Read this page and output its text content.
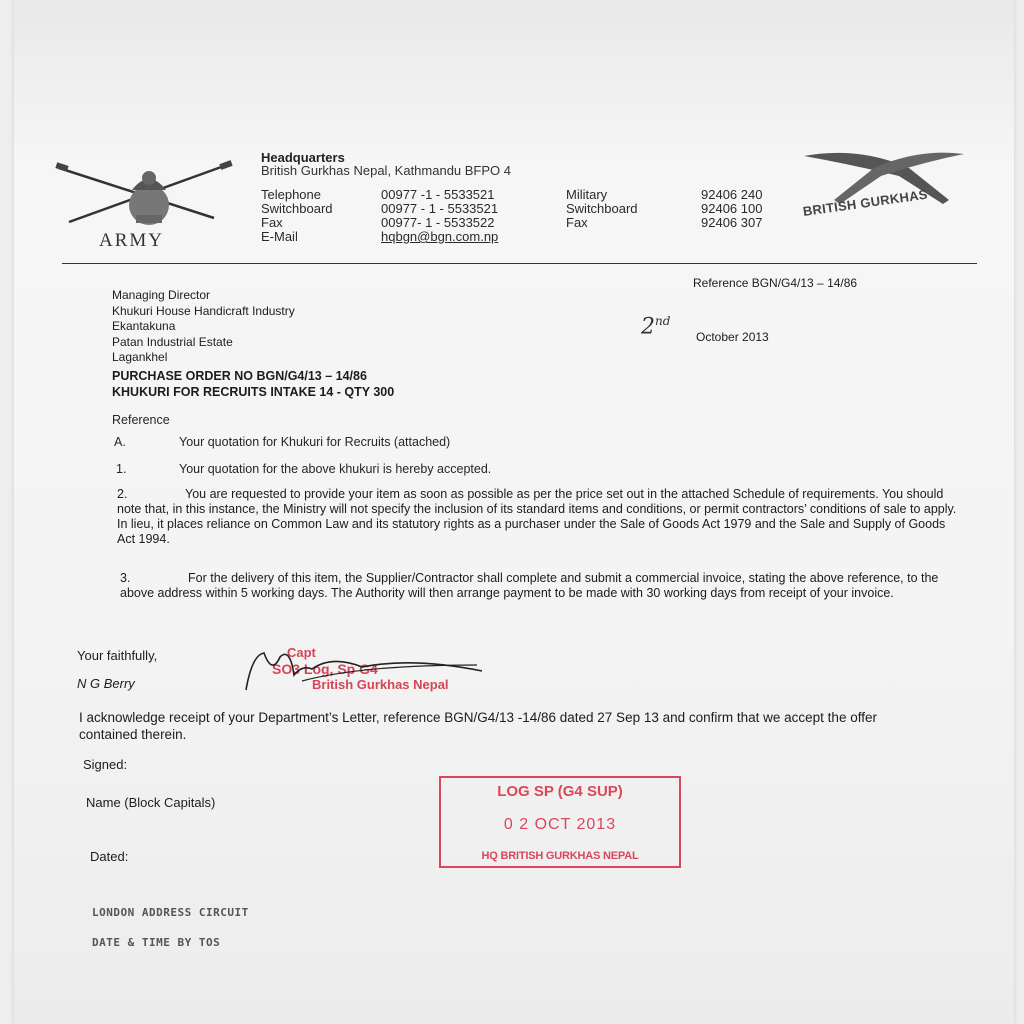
ARMY
Headquarters
British Gurkhas Nepal, Kathmandu BFPO 4
Telephone	00977 -1 - 5533521	Military	92406 240
Switchboard	00977 - 1 - 5533521	Switchboard	92406 100
Fax	00977- 1 - 5533522	Fax	92406 307
E-Mail	hqbgn@bgn.com.np
BRITISH GURKHAS
Reference BGN/G4/13 – 14/86
Managing Director
Khukuri House Handicraft Industry
Ekantakuna
Patan Industrial Estate
Lagankhel
2nd
October 2013
PURCHASE ORDER NO BGN/G4/13 – 14/86
KHUKURI FOR RECRUITS INTAKE 14 - QTY 300
Reference
A.	Your quotation for Khukuri for Recruits (attached)
1.	Your quotation for the above khukuri is hereby accepted.
2.	You are requested to provide your item as soon as possible as per the price set out in the attached Schedule of requirements. You should note that, in this instance, the Ministry will not specify the inclusion of its standard items and conditions, or permit contractors’ conditions of sale to apply. In lieu, it places reliance on Common Law and its statutory rights as a purchaser under the Sale of Goods Act 1979 and the Sale and Supply of Goods Act 1994.
3.	For the delivery of this item, the Supplier/Contractor shall complete and submit a commercial invoice, stating the above reference, to the above address within 5 working days. The Authority will then arrange payment to be made with 30 working days from receipt of your invoice.
Your faithfully,
N G Berry
Capt
SO3 Log, Sp G4
British Gurkhas Nepal
I acknowledge receipt of your Department’s Letter, reference BGN/G4/13 -14/86 dated 27 Sep 13 and confirm that we accept the offer contained therein.
Signed:
Name (Block Capitals)
Dated:
LOG SP (G4 SUP)
0 2 OCT 2013
HQ BRITISH GURKHAS NEPAL
LONDON ADDRESS CIRCUIT
DATE & TIME BY TOS
